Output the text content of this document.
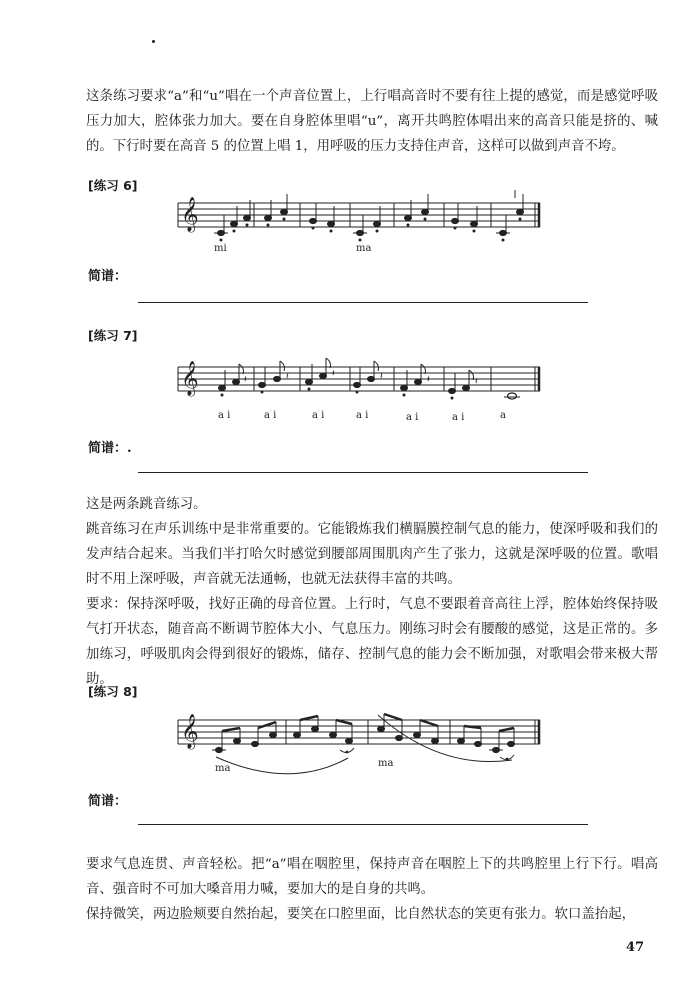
这条练习要求“a”和“u”唱在一个声音位置上，上行唱高音时不要有往上提的感觉，而是感觉呼吸压力加大，腔体张力加大。要在自身腔体里唱“u”，离开共鸣腔体唱出来的高音只能是挤的、喊的。下行时要在高音 5 的位置上唱 1，用呼吸的压力支持住声音，这样可以做到声音不垮。

[练习 6]
𝄞
mi	ma
简谱：
[练习 7]
𝄞	𝄽	𝄽	𝄽	𝄽	𝄽	𝄽
a i	a i	a i	a i	a i	a i	a
简谱：.

这是两条跳音练习。

跳音练习在声乐训练中是非常重要的。它能锻炼我们横膈膜控制气息的能力，使深呼吸和我们的发声结合起来。当我们半打哈欠时感觉到腰部周围肌肉产生了张力，这就是深呼吸的位置。歌唱时不用上深呼吸，声音就无法通畅，也就无法获得丰富的共鸣。

要求：保持深呼吸，找好正确的母音位置。上行时，气息不要跟着音高往上浮，腔体始终保持吸气打开状态，随音高不断调节腔体大小、气息压力。刚练习时会有腰酸的感觉，这是正常的。多加练习，呼吸肌肉会得到很好的锻炼，储存、控制气息的能力会不断加强，对歌唱会带来极大帮助。

[练习 8]
𝄞
ma	ma
简谱：

要求气息连贯、声音轻松。把“a”唱在咽腔里，保持声音在咽腔上下的共鸣腔里上行下行。唱高音、强音时不可加大嗓音用力喊，要加大的是自身的共鸣。

保持微笑，两边脸颊要自然抬起，要笑在口腔里面，比自然状态的笑更有张力。软口盖抬起，

47
